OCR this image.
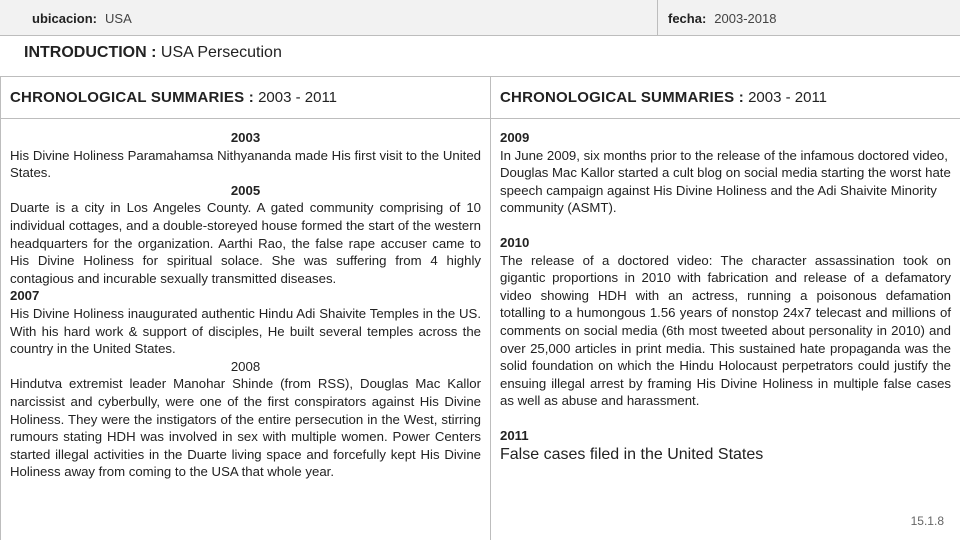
ubicacion: USA	fecha: 2003-2018
INTRODUCTION : USA Persecution
CHRONOLOGICAL SUMMARIES :
2003 - 2011
2003

His Divine Holiness Paramahamsa Nithyananda made His first visit to the United States.

2005

Duarte is a city in Los Angeles County. A gated community comprising of 10 individual cottages, and a double-storeyed house formed the start of the western headquarters for the organization. Aarthi Rao, the false rape accuser came to His Divine Holiness for spiritual solace. She was suffering from 4 highly contagious and incurable sexually transmitted diseases.

2007

His Divine Holiness inaugurated authentic Hindu Adi Shaivite Temples in the US. With his hard work & support of disciples, He built several temples across the country in the United States.

2008

Hindutva extremist leader Manohar Shinde (from RSS), Douglas Mac Kallor narcissist and cyberbully, were one of the first conspirators against His Divine Holiness. They were the instigators of the entire persecution in the West, stirring rumours stating HDH was involved in sex with multiple women. Power Centers started illegal activities in the Duarte living space and forcefully kept His Divine Holiness away from coming to the USA that whole year.

CHRONOLOGICAL SUMMARIES :
2003 - 2011
2009

In June 2009, six months prior to the release of the infamous doctored video, Douglas Mac Kallor started a cult blog on social media starting the worst hate speech campaign against His Divine Holiness and the Adi Shaivite Minority community (ASMT).

2010

The release of a doctored video: The character assassination took on gigantic proportions in 2010 with fabrication and release of a defamatory video showing HDH with an actress, running a poisonous defamation totalling to a humongous 1.56 years of nonstop 24x7 telecast and millions of comments on social media (6th most tweeted about personality in 2010) and over 25,000 articles in print media. This sustained hate propaganda was the solid foundation on which the Hindu Holocaust perpetrators could justify the ensuing illegal arrest by framing His Divine Holiness in multiple false cases as well as abuse and harassment.

2011

False cases filed in the United States

15.1.8
